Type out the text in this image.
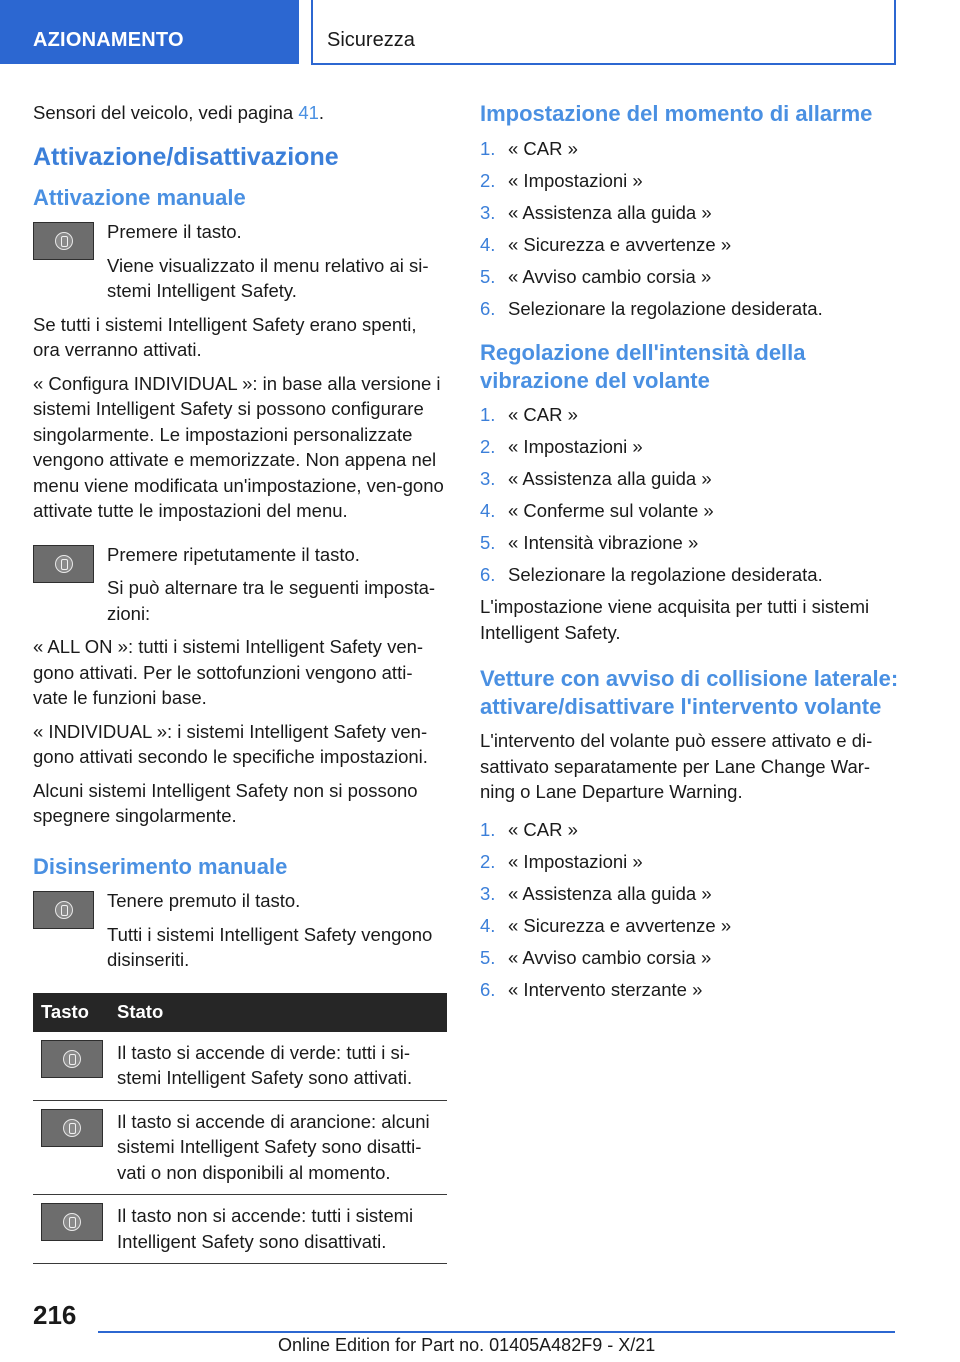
AZIONAMENTO	Sicurezza

Sensori del veicolo, vedi pagina 41.

Attivazione/disattivazione
Attivazione manuale

Premere il tasto.

Viene visualizzato il menu relativo ai si-stemi Intelligent Safety.

Se tutti i sistemi Intelligent Safety erano spenti, ora verranno attivati.

« Configura INDIVIDUAL »: in base alla versione i sistemi Intelligent Safety si possono configurare singolarmente. Le impostazioni personalizzate vengono attivate e memorizzate. Non appena nel menu viene modificata un'impostazione, ven-gono attivate tutte le impostazioni del menu.

Premere ripetutamente il tasto.

Si può alternare tra le seguenti imposta-zioni:

« ALL ON »: tutti i sistemi Intelligent Safety ven-gono attivati. Per le sottofunzioni vengono atti-vate le funzioni base.

« INDIVIDUAL »: i sistemi Intelligent Safety ven-gono attivati secondo le specifiche impostazioni.

Alcuni sistemi Intelligent Safety non si possono spegnere singolarmente.

Disinserimento manuale

Tenere premuto il tasto.

Tutti i sistemi Intelligent Safety vengono disinseriti.

Tasto	Stato

	Il tasto si accende di verde: tutti i si-stemi Intelligent Safety sono attivati.

	Il tasto si accende di arancione: alcuni sistemi Intelligent Safety sono disatti-vati o non disponibili al momento.

	Il tasto non si accende: tutti i sistemi Intelligent Safety sono disattivati.
Impostazione del momento di allarme
1. « CAR »
2. « Impostazioni »
3. « Assistenza alla guida »
4. « Sicurezza e avvertenze »
5. « Avviso cambio corsia »
6. Selezionare la regolazione desiderata.
Regolazione dell'intensità della vibrazione del volante
1. « CAR »
2. « Impostazioni »
3. « Assistenza alla guida »
4. « Conferme sul volante »
5. « Intensità vibrazione »
6. Selezionare la regolazione desiderata.

L'impostazione viene acquisita per tutti i sistemi Intelligent Safety.

Vetture con avviso di collisione laterale: attivare/disattivare l'intervento volante

L'intervento del volante può essere attivato e di-sattivato separatamente per Lane Change War-ning o Lane Departure Warning.

1. « CAR »
2. « Impostazioni »
3. « Assistenza alla guida »
4. « Sicurezza e avvertenze »
5. « Avviso cambio corsia »
6. « Intervento sterzante »
216
Online Edition for Part no. 01405A482F9 - X/21
